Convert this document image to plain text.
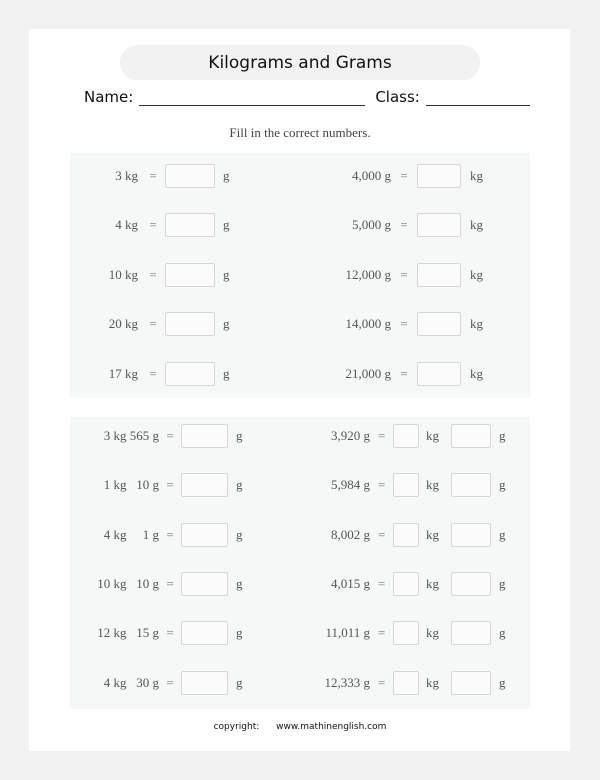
Kilograms and Grams
Name:	Class:
Fill in the correct numbers.
3 kg =	g
4 kg =	g
10 kg =	g
20 kg =	g
17 kg =	g
4,000 g =	kg
5,000 g =	kg
12,000 g =	kg
14,000 g =	kg
21,000 g =	kg
3 kg 565 g =	g
1 kg   10 g =	g
4 kg     1 g =	g
10 kg   10 g =	g
12 kg   15 g =	g
4 kg   30 g =	g
3,920 g =	kg	g
5,984 g =	kg	g
8,002 g =	kg	g
4,015 g =	kg	g
11,011 g =	kg	g
12,333 g =	kg	g
copyright: www.mathinenglish.com
